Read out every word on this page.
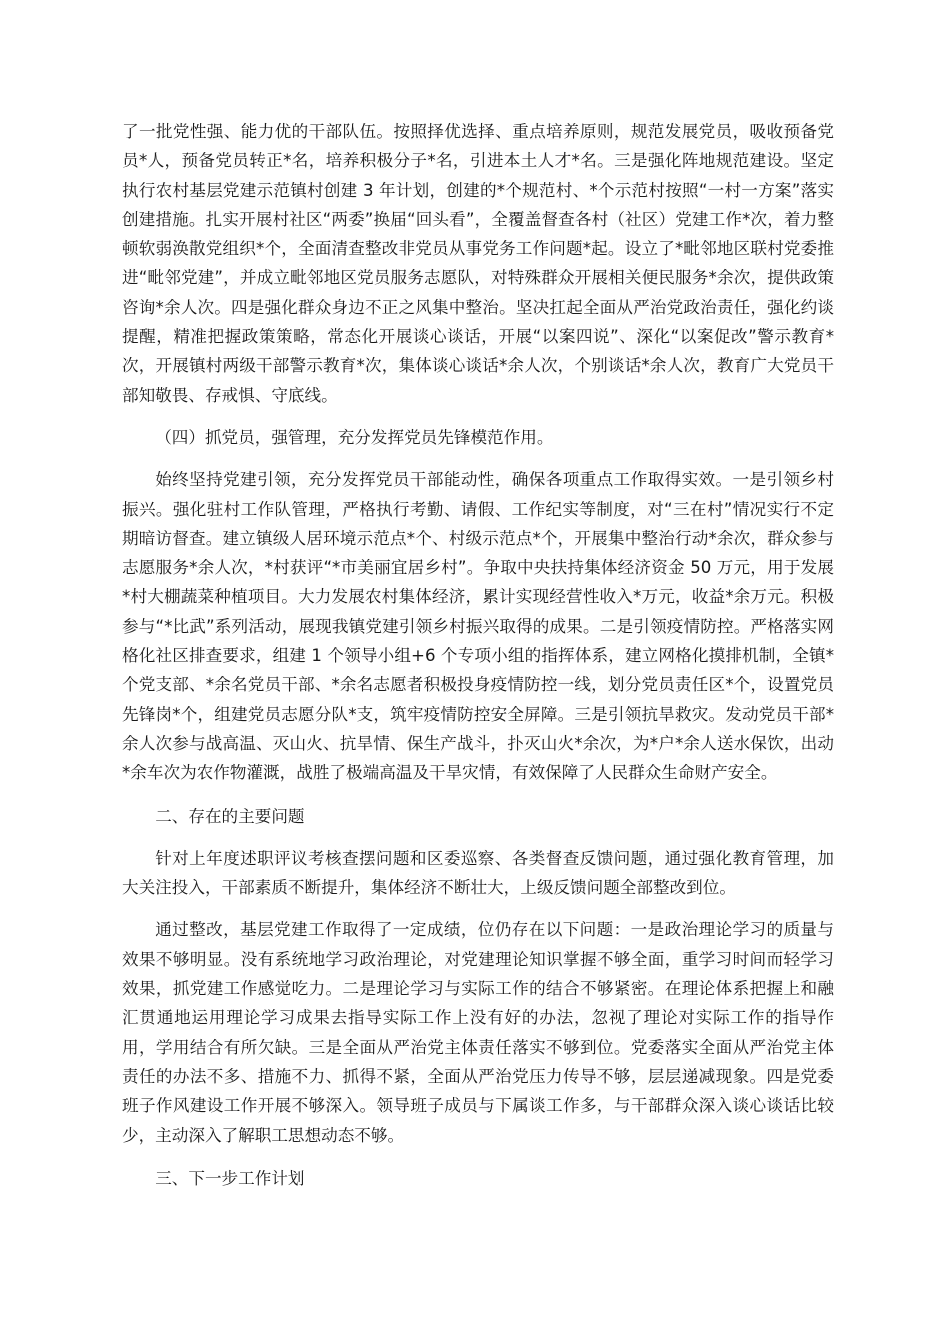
了一批党性强、能力优的干部队伍。按照择优选择、重点培养原则，规范发展党员，吸收预备党员*人，预备党员转正*名，培养积极分子*名，引进本土人才*名。三是强化阵地规范建设。坚定执行农村基层党建示范镇村创建 3 年计划，创建的*个规范村、*个示范村按照“一村一方案”落实创建措施。扎实开展村社区“两委”换届“回头看”，全覆盖督查各村（社区）党建工作*次，着力整顿软弱涣散党组织*个，全面清查整改非党员从事党务工作问题*起。设立了*毗邻地区联村党委推进“毗邻党建”，并成立毗邻地区党员服务志愿队，对特殊群众开展相关便民服务*余次，提供政策咨询*余人次。四是强化群众身边不正之风集中整治。坚决扛起全面从严治党政治责任，强化约谈提醒，精准把握政策策略，常态化开展谈心谈话，开展“以案四说”、深化“以案促改”警示教育*次，开展镇村两级干部警示教育*次，集体谈心谈话*余人次，个别谈话*余人次，教育广大党员干部知敬畏、存戒惧、守底线。

（四）抓党员，强管理，充分发挥党员先锋模范作用。

始终坚持党建引领，充分发挥党员干部能动性，确保各项重点工作取得实效。一是引领乡村振兴。强化驻村工作队管理，严格执行考勤、请假、工作纪实等制度，对“三在村”情况实行不定期暗访督查。建立镇级人居环境示范点*个、村级示范点*个，开展集中整治行动*余次，群众参与志愿服务*余人次，*村获评“*市美丽宜居乡村”。争取中央扶持集体经济资金 50 万元，用于发展*村大棚蔬菜种植项目。大力发展农村集体经济，累计实现经营性收入*万元，收益*余万元。积极参与“*比武”系列活动，展现我镇党建引领乡村振兴取得的成果。二是引领疫情防控。严格落实网格化社区排查要求，组建 1 个领导小组+6 个专项小组的指挥体系，建立网格化摸排机制，全镇*个党支部、*余名党员干部、*余名志愿者积极投身疫情防控一线，划分党员责任区*个，设置党员先锋岗*个，组建党员志愿分队*支，筑牢疫情防控安全屏障。三是引领抗旱救灾。发动党员干部*余人次参与战高温、灭山火、抗旱情、保生产战斗，扑灭山火*余次，为*户*余人送水保饮，出动*余车次为农作物灌溉，战胜了极端高温及干旱灾情，有效保障了人民群众生命财产安全。

二、存在的主要问题

针对上年度述职评议考核查摆问题和区委巡察、各类督查反馈问题，通过强化教育管理，加大关注投入，干部素质不断提升，集体经济不断壮大，上级反馈问题全部整改到位。

通过整改，基层党建工作取得了一定成绩，位仍存在以下问题：一是政治理论学习的质量与效果不够明显。没有系统地学习政治理论，对党建理论知识掌握不够全面，重学习时间而轻学习效果，抓党建工作感觉吃力。二是理论学习与实际工作的结合不够紧密。在理论体系把握上和融汇贯通地运用理论学习成果去指导实际工作上没有好的办法，忽视了理论对实际工作的指导作用，学用结合有所欠缺。三是全面从严治党主体责任落实不够到位。党委落实全面从严治党主体责任的办法不多、措施不力、抓得不紧，全面从严治党压力传导不够，层层递减现象。四是党委班子作风建设工作开展不够深入。领导班子成员与下属谈工作多，与干部群众深入谈心谈话比较少，主动深入了解职工思想动态不够。

三、下一步工作计划
